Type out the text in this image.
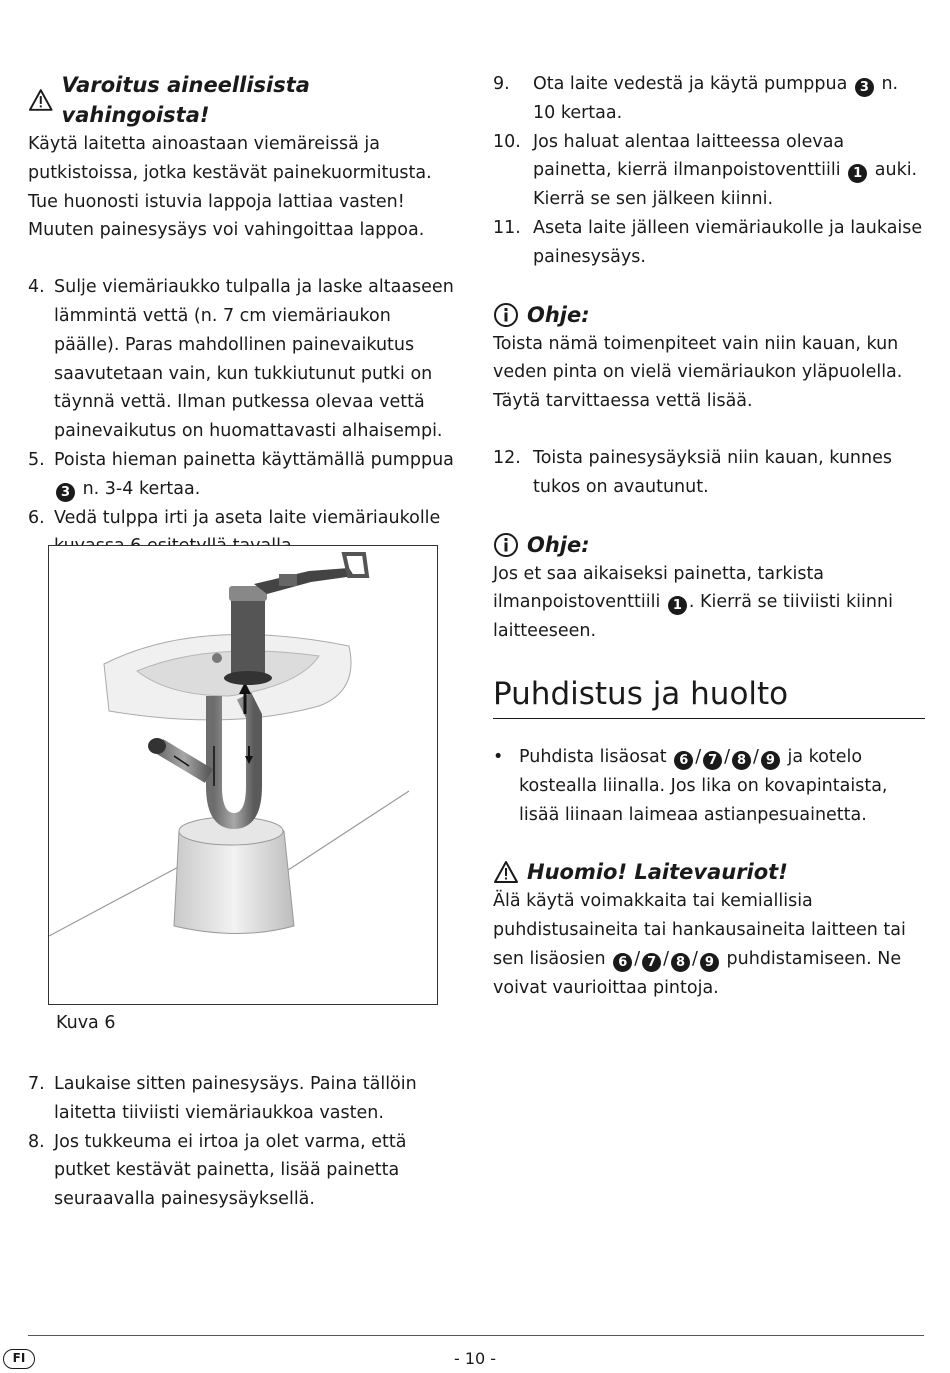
Varoitus aineellisista vahingoista!

Käytä laitetta ainoastaan viemäreissä ja putkistoissa, jotka kestävät painekuormitusta. Tue huonosti istuvia lappoja lattiaa vasten! Muuten painesysäys voi vahingoittaa lappoa.

4. Sulje viemäriaukko tulpalla ja laske altaaseen lämmintä vettä (n. 7 cm viemäriaukon päälle). Paras mahdollinen painevaikutus saavutetaan vain, kun tukkiutunut putki on täynnä vettä. Ilman putkessa olevaa vettä painevaikutus on huomattavasti alhaisempi.
5. Poista hieman painetta käyttämällä pumppua 3 n. 3-4 kertaa.
6. Vedä tulppa irti ja aseta laite viemäriaukolle
Kuva 6
7. Laukaise sitten painesysäys. Paina tällöin laitetta tiiviisti viemäriaukkoa vasten.
8. Jos tukkeuma ei irtoa ja olet varma, että putket kestävät painetta, lisää painetta seuraavalla painesysäyksellä.
9.	Ota laite vedestä ja käytä pumppua 3 n. 10 kertaa.
10. Jos haluat alentaa laitteessa olevaa painetta, kierrä ilmanpoistoventtiili 1 auki. Kierrä se sen jälkeen kiinni.
11. Aseta laite jälleen viemäriaukolle ja laukaise painesysäys.
Ohje:

Toista nämä toimenpiteet vain niin kauan, kun veden pinta on vielä viemäriaukon yläpuolella. Täytä tarvittaessa vettä lisää.

12. Toista painesysäyksiä niin kauan, kunnes tukos on avautunut.
Ohje:

Jos et saa aikaiseksi painetta, tarkista ilmanpoistoventtiili 1 . Kierrä se tiiviisti kiinni laitteeseen.

Puhdistus ja huolto
• Puhdista lisäosat 6 / 7 / 8 / 9 ja kotelo kostealla liinalla. Jos lika on kovapintaista, lisää liinaan laimeaa astianpesuainetta.
Huomio! Laitevauriot!

Älä käytä voimakkaita tai kemiallisia puhdistusaineita tai hankausaineita laitteen tai sen lisäosien 6 / 7 / 8 / 9 puhdistamiseen. Ne voivat vaurioittaa pintoja.

FI	- 10 -
